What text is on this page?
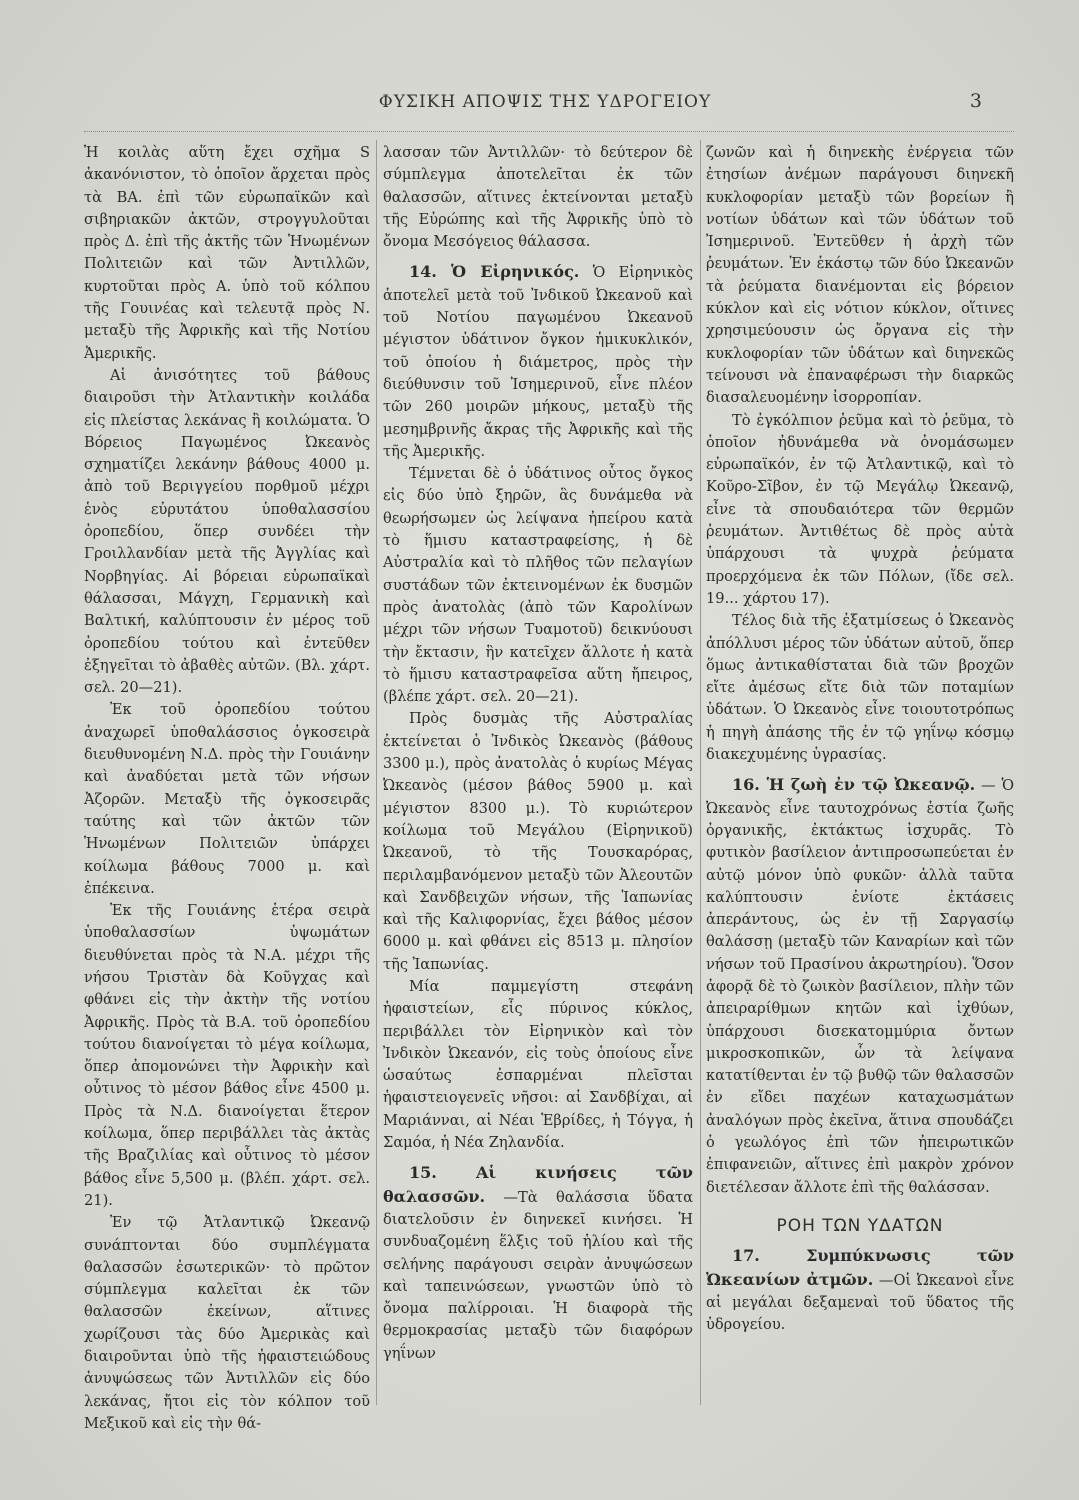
ΦΥΣΙΚΗ ΑΠΟΨΙΣ ΤΗΣ ΥΔΡΟΓΕΙΟΥ	3

Ἡ κοιλὰς αὕτη ἔχει σχῆμα S ἀκανόνιστον, τὸ ὁποῖον ἄρχεται πρὸς τὰ ΒΑ. ἐπὶ τῶν εὐρωπαϊκῶν καὶ σιβηριακῶν ἀκτῶν, στρογγυλοῦται πρὸς Δ. ἐπὶ τῆς ἀκτῆς τῶν Ἡνωμένων Πολιτειῶν καὶ τῶν Ἀντιλλῶν, κυρτοῦται πρὸς Α. ὑπὸ τοῦ κόλπου τῆς Γουινέας καὶ τελευτᾷ πρὸς Ν. μεταξὺ τῆς Ἀφρικῆς καὶ τῆς Νοτίου Ἀμερικῆς.

Αἱ ἀνισότητες τοῦ βάθους διαιροῦσι τὴν Ἀτλαντικὴν κοιλάδα εἰς πλείστας λεκάνας ἢ κοιλώματα. Ὁ Βόρειος Παγωμένος Ὠκεανὸς σχηματίζει λεκάνην βάθους 4000 μ. ἀπὸ τοῦ Βεριγγείου πορθμοῦ μέχρι ἑνὸς εὐρυτάτου ὑποθαλασσίου ὀροπεδίου, ὅπερ συνδέει τὴν Γροιλλανδίαν μετὰ τῆς Ἀγγλίας καὶ Νορβηγίας. Αἱ βόρειαι εὐρωπαϊκαὶ θάλασσαι, Μάγχη, Γερμανικὴ καὶ Βαλτική, καλύπτουσιν ἐν μέρος τοῦ ὀροπεδίου τούτου καὶ ἐντεῦθεν ἐξηγεῖται τὸ ἀβαθὲς αὐτῶν. (Βλ. χάρτ. σελ. 20—21).

Ἐκ τοῦ ὀροπεδίου τούτου ἀναχωρεῖ ὑποθαλάσσιος ὀγκοσειρὰ διευθυνομένη Ν.Δ. πρὸς τὴν Γουιάνην καὶ ἀναδύεται μετὰ τῶν νήσων Ἀζορῶν. Μεταξὺ τῆς ὀγκοσειρᾶς ταύτης καὶ τῶν ἀκτῶν τῶν Ἡνωμένων Πολιτειῶν ὑπάρχει κοίλωμα βάθους 7000 μ. καὶ ἐπέκεινα.

Ἐκ τῆς Γουιάνης ἑτέρα σειρὰ ὑποθαλασσίων ὑψωμάτων διευθύνεται πρὸς τὰ Ν.Α. μέχρι τῆς νήσου Τριστὰν δὰ Κοῦγχας καὶ φθάνει εἰς τὴν ἀκτὴν τῆς νοτίου Ἀφρικῆς. Πρὸς τὰ Β.Α. τοῦ ὀροπεδίου τούτου διανοίγεται τὸ μέγα κοίλωμα, ὅπερ ἀπομονώνει τὴν Ἀφρικὴν καὶ οὗτινος τὸ μέσον βάθος εἶνε 4500 μ. Πρὸς τὰ Ν.Δ. διανοίγεται ἕτερον κοίλωμα, ὅπερ περιβάλλει τὰς ἀκτὰς τῆς Βραζιλίας καὶ οὗτινος τὸ μέσον βάθος εἶνε 5,500 μ. (βλέπ. χάρτ. σελ. 21).

Ἐν τῷ Ἀτλαντικῷ Ὠκεανῷ συνάπτονται δύο συμπλέγματα θαλασσῶν ἐσωτερικῶν· τὸ πρῶτον σύμπλεγμα καλεῖται ἐκ τῶν θαλασσῶν ἐκείνων, αἵτινες χωρίζουσι τὰς δύο Ἀμερικὰς καὶ διαιροῦνται ὑπὸ τῆς ἡφαιστειώδους ἀνυψώσεως τῶν Ἀντιλλῶν εἰς δύο λεκάνας, ἤτοι εἰς τὸν κόλπον τοῦ Μεξικοῦ καὶ εἰς τὴν θά-

λασσαν τῶν Ἀντιλλῶν· τὸ δεύτερον δὲ σύμπλεγμα ἀποτελεῖται ἐκ τῶν θαλασσῶν, αἵτινες ἐκτείνονται μεταξὺ τῆς Εὐρώπης καὶ τῆς Ἀφρικῆς ὑπὸ τὸ ὄνομα Μεσόγειος θάλασσα.

14. Ὁ Εἰρηνικός. Ὁ Εἰρηνικὸς ἀποτελεῖ μετὰ τοῦ Ἰνδικοῦ Ὠκεανοῦ καὶ τοῦ Νοτίου παγωμένου Ὠκεανοῦ μέγιστον ὑδάτινον ὄγκον ἡμικυκλικόν, τοῦ ὁποίου ἡ διάμετρος, πρὸς τὴν διεύθυνσιν τοῦ Ἰσημερινοῦ, εἶνε πλέον τῶν 260 μοιρῶν μήκους, μεταξὺ τῆς μεσημβρινῆς ἄκρας τῆς Ἀφρικῆς καὶ τῆς τῆς Ἀμερικῆς.

Τέμνεται δὲ ὁ ὑδάτινος οὗτος ὄγκος εἰς δύο ὑπὸ ξηρῶν, ἃς δυνάμεθα νὰ θεωρήσωμεν ὡς λείψανα ἠπείρου κατὰ τὸ ἥμισυ καταστραφείσης, ἡ δὲ Αὐστραλία καὶ τὸ πλῆθος τῶν πελαγίων συστάδων τῶν ἐκτεινομένων ἐκ δυσμῶν πρὸς ἀνατολὰς (ἀπὸ τῶν Καρολίνων μέχρι τῶν νήσων Τυαμοτοῦ) δεικνύουσι τὴν ἔκτασιν, ἣν κατεῖχεν ἄλλοτε ἡ κατὰ τὸ ἥμισυ καταστραφεῖσα αὕτη ἤπειρος, (βλέπε χάρτ. σελ. 20—21).

Πρὸς δυσμὰς τῆς Αὐστραλίας ἐκτείνεται ὁ Ἰνδικὸς Ὠκεανὸς (βάθους 3300 μ.), πρὸς ἀνατολὰς ὁ κυρίως Μέγας Ὠκεανὸς (μέσον βάθος 5900 μ. καὶ μέγιστον 8300 μ.). Τὸ κυριώτερον κοίλωμα τοῦ Μεγάλου (Εἰρηνικοῦ) Ὠκεανοῦ, τὸ τῆς Τουσκαρόρας, περιλαμβανόμενον μεταξὺ τῶν Ἀλεουτῶν καὶ Σανδβειχῶν νήσων, τῆς Ἰαπωνίας καὶ τῆς Καλιφορνίας, ἔχει βάθος μέσον 6000 μ. καὶ φθάνει εἰς 8513 μ. πλησίον τῆς Ἰαπωνίας.

Μία παμμεγίστη στεφάνη ἡφαιστείων, εἷς πύρινος κύκλος, περιβάλλει τὸν Εἰρηνικὸν καὶ τὸν Ἰνδικὸν Ὠκεανόν, εἰς τοὺς ὁποίους εἶνε ὡσαύτως ἐσπαρμέναι πλεῖσται ἡφαιστειογενεῖς νῆσοι: αἱ Σανδβίχαι, αἱ Μαριάνναι, αἱ Νέαι Ἑβρίδες, ἡ Τόγγα, ἡ Σαμόα, ἡ Νέα Ζηλανδία.

15. Αἱ κινήσεις τῶν θαλασσῶν. —Τὰ θαλάσσια ὕδατα διατελοῦσιν ἐν διηνεκεῖ κινήσει. Ἡ συνδυαζομένη ἕλξις τοῦ ἡλίου καὶ τῆς σελήνης παράγουσι σειρὰν ἀνυψώσεων καὶ ταπεινώσεων, γνωστῶν ὑπὸ τὸ ὄνομα παλίρροιαι. Ἡ διαφορὰ τῆς θερμοκρασίας μεταξὺ τῶν διαφόρων γηΐνων

ζωνῶν καὶ ἡ διηνεκὴς ἐνέργεια τῶν ἐτησίων ἀνέμων παράγουσι διηνεκῆ κυκλοφορίαν μεταξὺ τῶν βορείων ἢ νοτίων ὑδάτων καὶ τῶν ὑδάτων τοῦ Ἰσημερινοῦ. Ἐντεῦθεν ἡ ἀρχὴ τῶν ῥευμάτων. Ἐν ἑκάστῳ τῶν δύο Ὠκεανῶν τὰ ῥεύματα διανέμονται εἰς βόρειον κύκλον καὶ εἰς νότιον κύκλον, οἵτινες χρησιμεύουσιν ὡς ὄργανα εἰς τὴν κυκλοφορίαν τῶν ὑδάτων καὶ διηνεκῶς τείνουσι νὰ ἐπαναφέρωσι τὴν διαρκῶς διασαλευομένην ἰσορροπίαν.

Τὸ ἐγκόλπιον ῥεῦμα καὶ τὸ ῥεῦμα, τὸ ὁποῖον ἠδυνάμεθα νὰ ὀνομάσωμεν εὐρωπαϊκόν, ἐν τῷ Ἀτλαντικῷ, καὶ τὸ Κοῦρο-Σῖβον, ἐν τῷ Μεγάλῳ Ὠκεανῷ, εἶνε τὰ σπουδαιότερα τῶν θερμῶν ῥευμάτων. Ἀντιθέτως δὲ πρὸς αὐτὰ ὑπάρχουσι τὰ ψυχρὰ ῥεύματα προερχόμενα ἐκ τῶν Πόλων, (ἴδε σελ. 19... χάρτου 17).

Τέλος διὰ τῆς ἐξατμίσεως ὁ Ὠκεανὸς ἀπόλλυσι μέρος τῶν ὑδάτων αὐτοῦ, ὅπερ ὅμως ἀντικαθίσταται διὰ τῶν βροχῶν εἴτε ἀμέσως εἴτε διὰ τῶν ποταμίων ὑδάτων. Ὁ Ὠκεανὸς εἶνε τοιουτοτρόπως ἡ πηγὴ ἁπάσης τῆς ἐν τῷ γηΐνῳ κόσμῳ διακεχυμένης ὑγρασίας.

16. Ἡ ζωὴ ἐν τῷ Ὠκεανῷ. — Ὁ Ὠκεανὸς εἶνε ταυτοχρόνως ἑστία ζωῆς ὀργανικῆς, ἐκτάκτως ἰσχυρᾶς. Τὸ φυτικὸν βασίλειον ἀντιπροσωπεύεται ἐν αὐτῷ μόνον ὑπὸ φυκῶν· ἀλλὰ ταῦτα καλύπτουσιν ἐνίοτε ἐκτάσεις ἀπεράντους, ὡς ἐν τῇ Σαργασίῳ θαλάσσῃ (μεταξὺ τῶν Καναρίων καὶ τῶν νήσων τοῦ Πρασίνου ἀκρωτηρίου). Ὅσον ἀφορᾷ δὲ τὸ ζωικὸν βασίλειον, πλὴν τῶν ἀπειραρίθμων κητῶν καὶ ἰχθύων, ὑπάρχουσι δισεκατομμύρια ὄντων μικροσκοπικῶν, ὧν τὰ λείψανα κατατίθενται ἐν τῷ βυθῷ τῶν θαλασσῶν ἐν εἴδει παχέων καταχωσμάτων ἀναλόγων πρὸς ἐκεῖνα, ἅτινα σπουδάζει ὁ γεωλόγος ἐπὶ τῶν ἠπειρωτικῶν ἐπιφανειῶν, αἵτινες ἐπὶ μακρὸν χρόνον διετέλεσαν ἄλλοτε ἐπὶ τῆς θαλάσσαν.

ΡΟΗ ΤΩΝ ΥΔΑΤΩΝ

17. Συμπύκνωσις τῶν Ὠκεανίων ἀτμῶν. —Οἱ Ὠκεανοὶ εἶνε αἱ μεγάλαι δεξαμεναὶ τοῦ ὕδατος τῆς ὑδρογείου.
